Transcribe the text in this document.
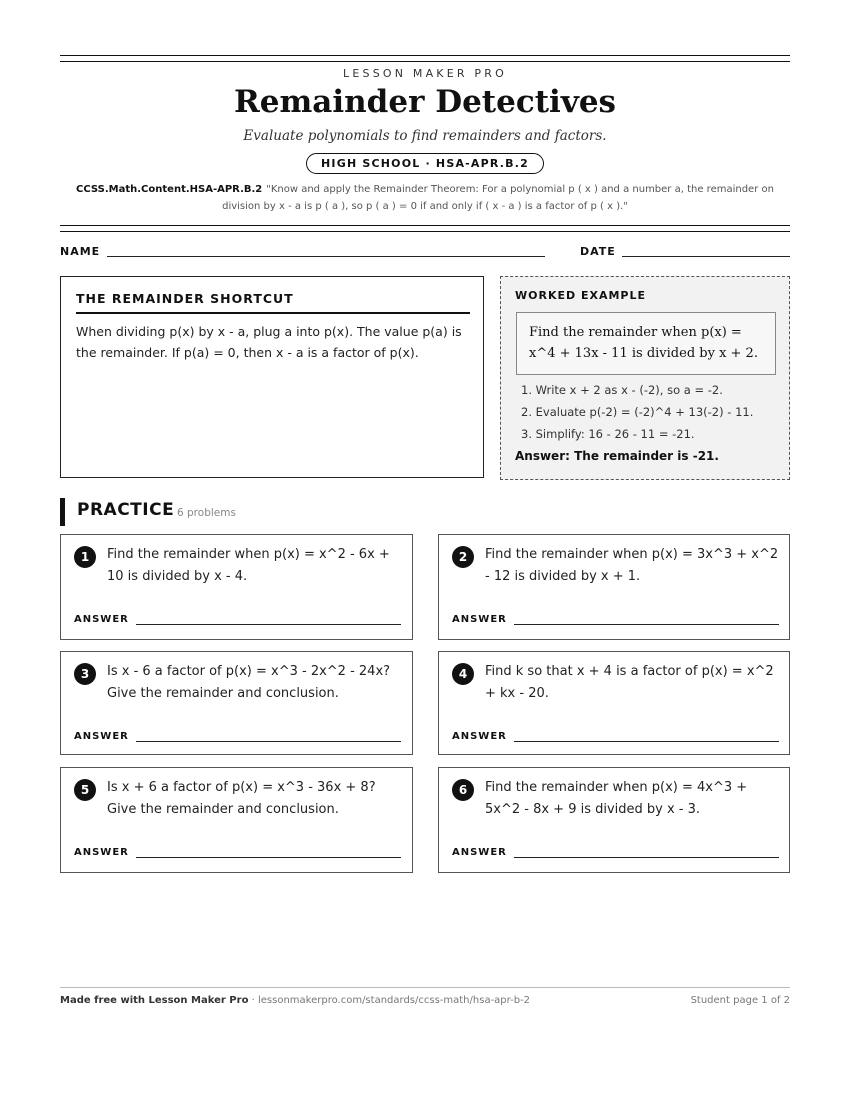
LESSON MAKER PRO
Remainder Detectives
Evaluate polynomials to find remainders and factors.
HIGH SCHOOL · HSA-APR.B.2
CCSS.Math.Content.HSA-APR.B.2 "Know and apply the Remainder Theorem: For a polynomial p ( x ) and a number a, the remainder on division by x - a is p ( a ), so p ( a ) = 0 if and only if ( x - a ) is a factor of p ( x )."
NAME	DATE
THE REMAINDER SHORTCUT

When dividing p(x) by x - a, plug a into p(x). The value p(a) is the remainder. If p(a) = 0, then x - a is a factor of p(x).

WORKED EXAMPLE
Find the remainder when p(x) = x^4 + 13x - 11 is divided by x + 2.
1. Write x + 2 as x - (-2), so a = -2.
2. Evaluate p(-2) = (-2)^4 + 13(-2) - 11.
3. Simplify: 16 - 26 - 11 = -21.
Answer: The remainder is -21.
PRACTICE 6 problems
1	Find the remainder when p(x) = x^2 - 6x + 10 is divided by x - 4.
ANSWER
2	Find the remainder when p(x) = 3x^3 + x^2 - 12 is divided by x + 1.
ANSWER
3	Is x - 6 a factor of p(x) = x^3 - 2x^2 - 24x? Give the remainder and conclusion.
ANSWER
4	Find k so that x + 4 is a factor of p(x) = x^2 + kx - 20.
ANSWER
5	Is x + 6 a factor of p(x) = x^3 - 36x + 8? Give the remainder and conclusion.
ANSWER
6	Find the remainder when p(x) = 4x^3 + 5x^2 - 8x + 9 is divided by x - 3.
ANSWER
Made free with Lesson Maker Pro · lessonmakerpro.com/standards/ccss-math/hsa-apr-b-2	Student page 1 of 2
